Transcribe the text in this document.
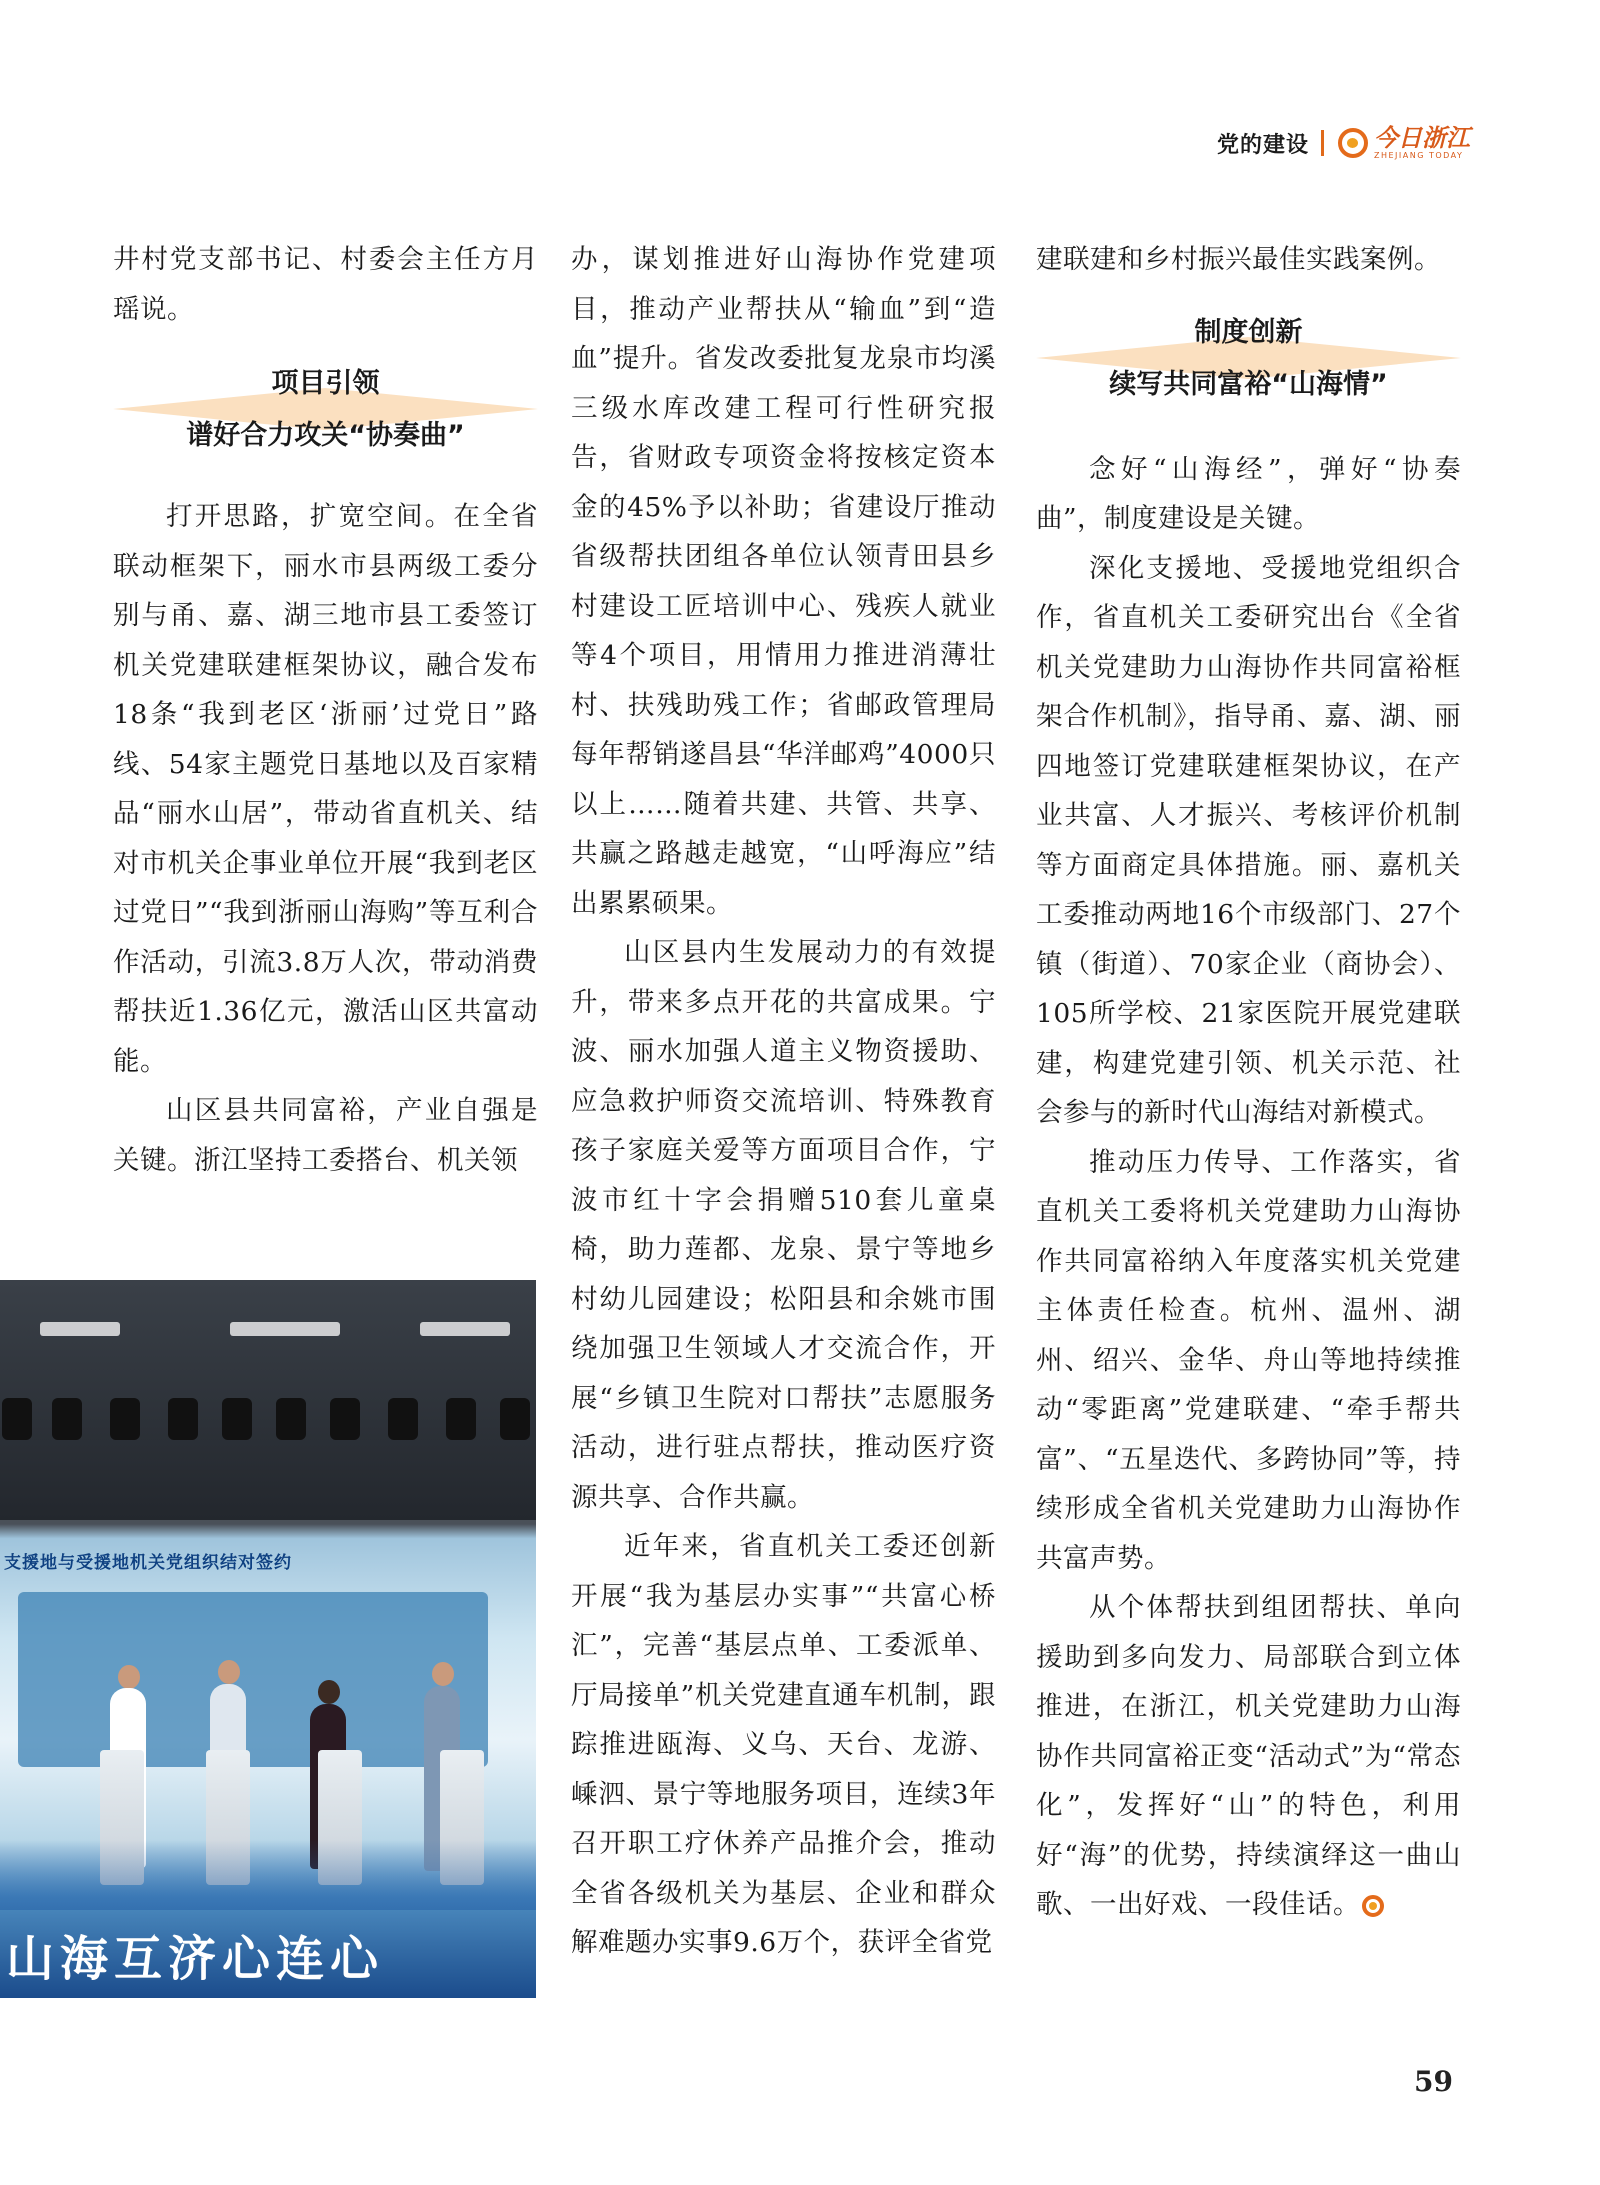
党的建设	今日浙江
ZHEJIANG TODAY

井村党支部书记、村委会主任方月瑶说。

项目引领
谱好合力攻关“协奏曲”

打开思路，扩宽空间。在全省联动框架下，丽水市县两级工委分别与甬、嘉、湖三地市县工委签订机关党建联建框架协议，融合发布18条“我到老区‘浙丽’过党日”路线、54家主题党日基地以及百家精品“丽水山居”，带动省直机关、结对市机关企事业单位开展“我到老区过党日”“我到浙丽山海购”等互利合作活动，引流3.8万人次，带动消费帮扶近1.36亿元，激活山区共富动能。

山区县共同富裕，产业自强是关键。浙江坚持工委搭台、机关领

支援地与受援地机关党组织结对签约
山海互济心连心

办，谋划推进好山海协作党建项目，推动产业帮扶从“输血”到“造血”提升。省发改委批复龙泉市均溪三级水库改建工程可行性研究报告，省财政专项资金将按核定资本金的45%予以补助；省建设厅推动省级帮扶团组各单位认领青田县乡村建设工匠培训中心、残疾人就业等4个项目，用情用力推进消薄壮村、扶残助残工作；省邮政管理局每年帮销遂昌县“华洋邮鸡”4000只以上……随着共建、共管、共享、共赢之路越走越宽，“山呼海应”结出累累硕果。

山区县内生发展动力的有效提升，带来多点开花的共富成果。宁波、丽水加强人道主义物资援助、应急救护师资交流培训、特殊教育孩子家庭关爱等方面项目合作，宁波市红十字会捐赠510套儿童桌椅，助力莲都、龙泉、景宁等地乡村幼儿园建设；松阳县和余姚市围绕加强卫生领域人才交流合作，开展“乡镇卫生院对口帮扶”志愿服务活动，进行驻点帮扶，推动医疗资源共享、合作共赢。

近年来，省直机关工委还创新开展“我为基层办实事”“共富心桥汇”，完善“基层点单、工委派单、厅局接单”机关党建直通车机制，跟踪推进瓯海、义乌、天台、龙游、嵊泗、景宁等地服务项目，连续3年召开职工疗休养产品推介会，推动全省各级机关为基层、企业和群众解难题办实事9.6万个，获评全省党

建联建和乡村振兴最佳实践案例。

制度创新
续写共同富裕“山海情”

念好“山海经”，弹好“协奏曲”，制度建设是关键。

深化支援地、受援地党组织合作，省直机关工委研究出台《全省机关党建助力山海协作共同富裕框架合作机制》，指导甬、嘉、湖、丽四地签订党建联建框架协议，在产业共富、人才振兴、考核评价机制等方面商定具体措施。丽、嘉机关工委推动两地16个市级部门、27个镇（街道）、70家企业（商协会）、105所学校、21家医院开展党建联建，构建党建引领、机关示范、社会参与的新时代山海结对新模式。

推动压力传导、工作落实，省直机关工委将机关党建助力山海协作共同富裕纳入年度落实机关党建主体责任检查。杭州、温州、湖州、绍兴、金华、舟山等地持续推动“零距离”党建联建、“牵手帮共富”、“五星迭代、多跨协同”等，持续形成全省机关党建助力山海协作共富声势。

从个体帮扶到组团帮扶、单向援助到多向发力、局部联合到立体推进，在浙江，机关党建助力山海协作共同富裕正变“活动式”为“常态化”，发挥好“山”的特色，利用好“海”的优势，持续演绎这一曲山歌、一出好戏、一段佳话。

59
